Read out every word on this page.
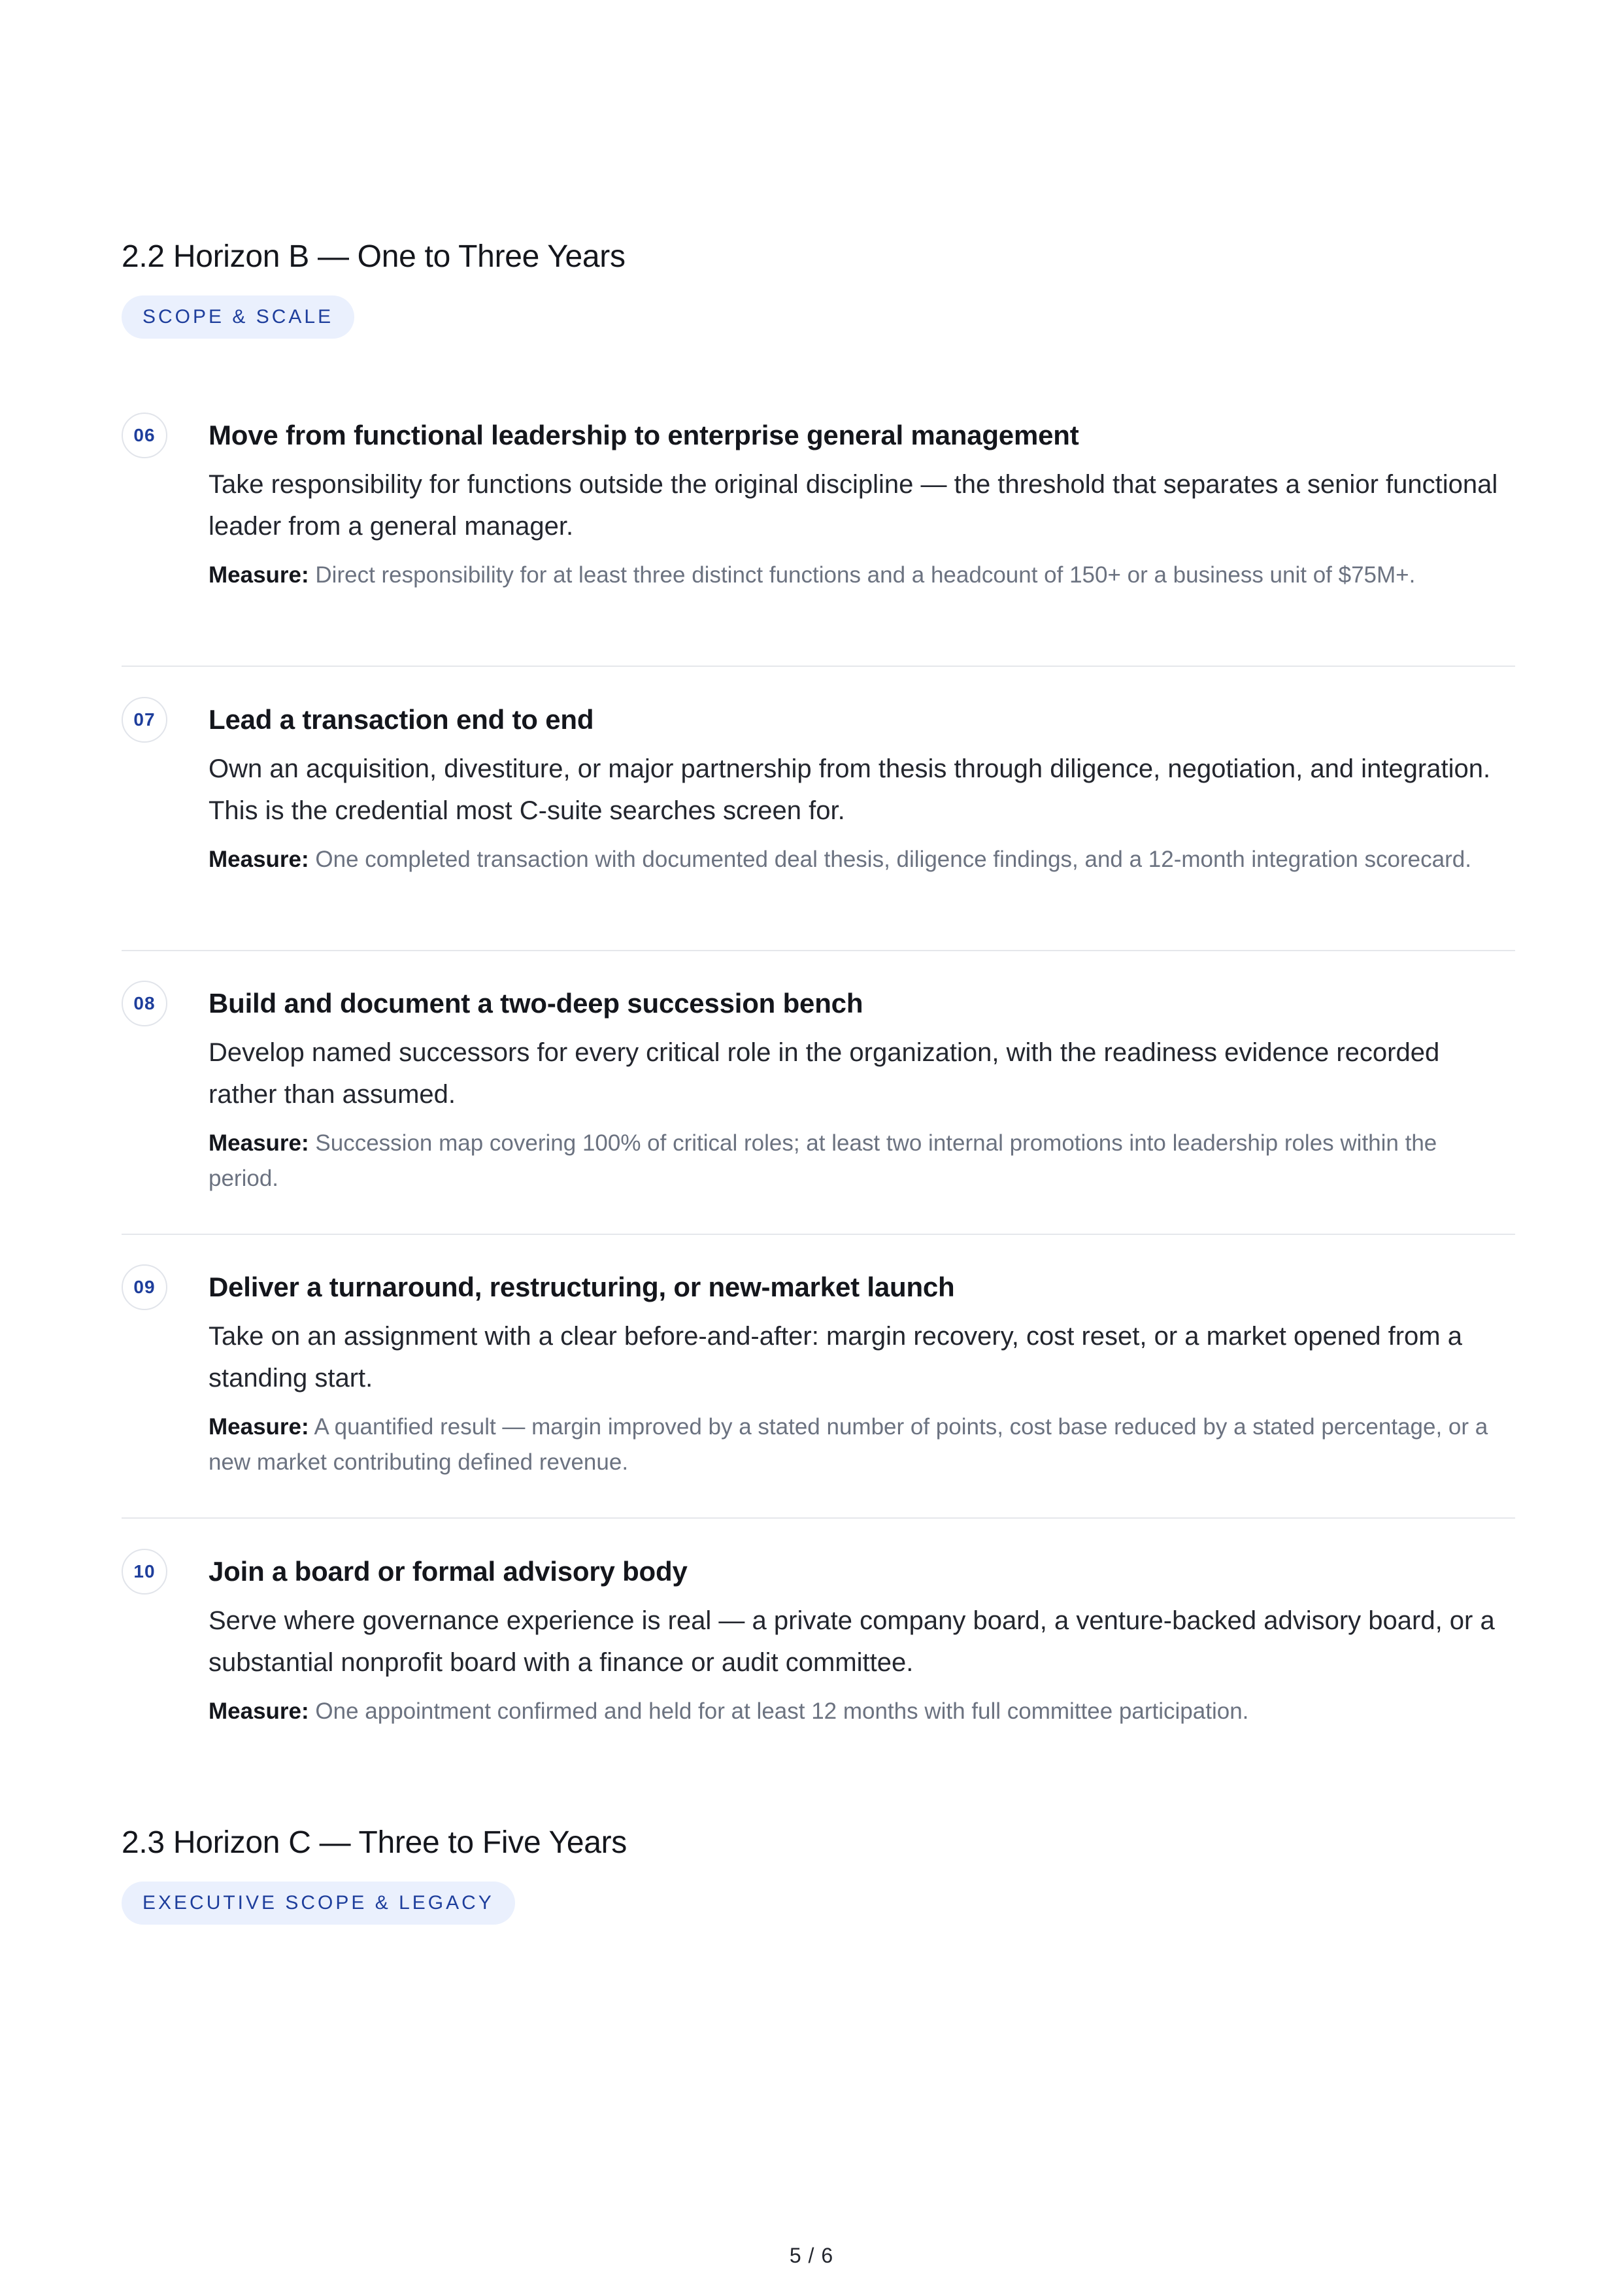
2.2 Horizon B — One to Three Years
SCOPE & SCALE
06	Move from functional leadership to enterprise general management

Take responsibility for functions outside the original discipline — the threshold that separates a senior functional leader from a general manager.

Measure: Direct responsibility for at least three distinct functions and a headcount of 150+ or a business unit of $75M+.

07	Lead a transaction end to end

Own an acquisition, divestiture, or major partnership from thesis through diligence, negotiation, and integration. This is the credential most C-suite searches screen for.

Measure: One completed transaction with documented deal thesis, diligence findings, and a 12-month integration scorecard.

08	Build and document a two-deep succession bench

Develop named successors for every critical role in the organization, with the readiness evidence recorded rather than assumed.

Measure: Succession map covering 100% of critical roles; at least two internal promotions into leadership roles within the period.

09	Deliver a turnaround, restructuring, or new-market launch

Take on an assignment with a clear before-and-after: margin recovery, cost reset, or a market opened from a standing start.

Measure: A quantified result — margin improved by a stated number of points, cost base reduced by a stated percentage, or a new market contributing defined revenue.

10	Join a board or formal advisory body

Serve where governance experience is real — a private company board, a venture-backed advisory board, or a substantial nonprofit board with a finance or audit committee.

Measure: One appointment confirmed and held for at least 12 months with full committee participation.

2.3 Horizon C — Three to Five Years
EXECUTIVE SCOPE & LEGACY
5 / 6
